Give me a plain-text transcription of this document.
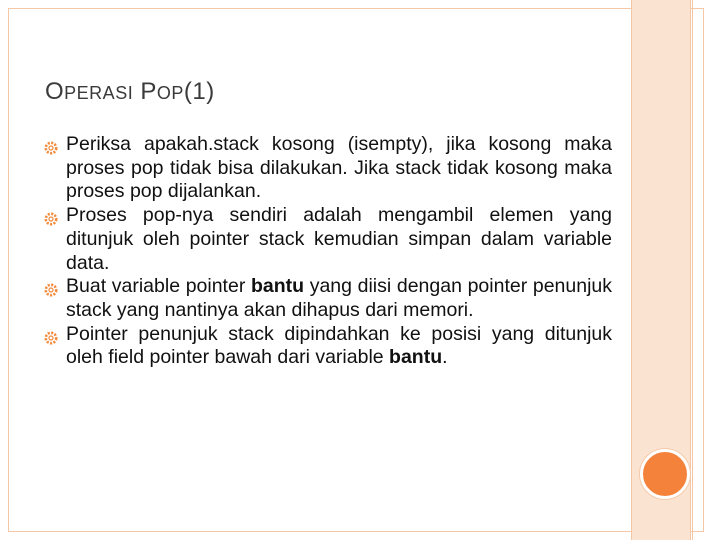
OPERASI POP(1)
Periksa apakah.stack kosong (isempty), jika kosong maka proses pop tidak bisa dilakukan. Jika stack tidak kosong maka proses pop dijalankan.
Proses pop-nya sendiri adalah mengambil elemen yang ditunjuk oleh pointer stack kemudian simpan dalam variable data.
Buat variable pointer bantu yang diisi dengan pointer penunjuk stack yang nantinya akan dihapus dari memori.
Pointer penunjuk stack dipindahkan ke posisi yang ditunjuk oleh field pointer bawah dari variable bantu.
